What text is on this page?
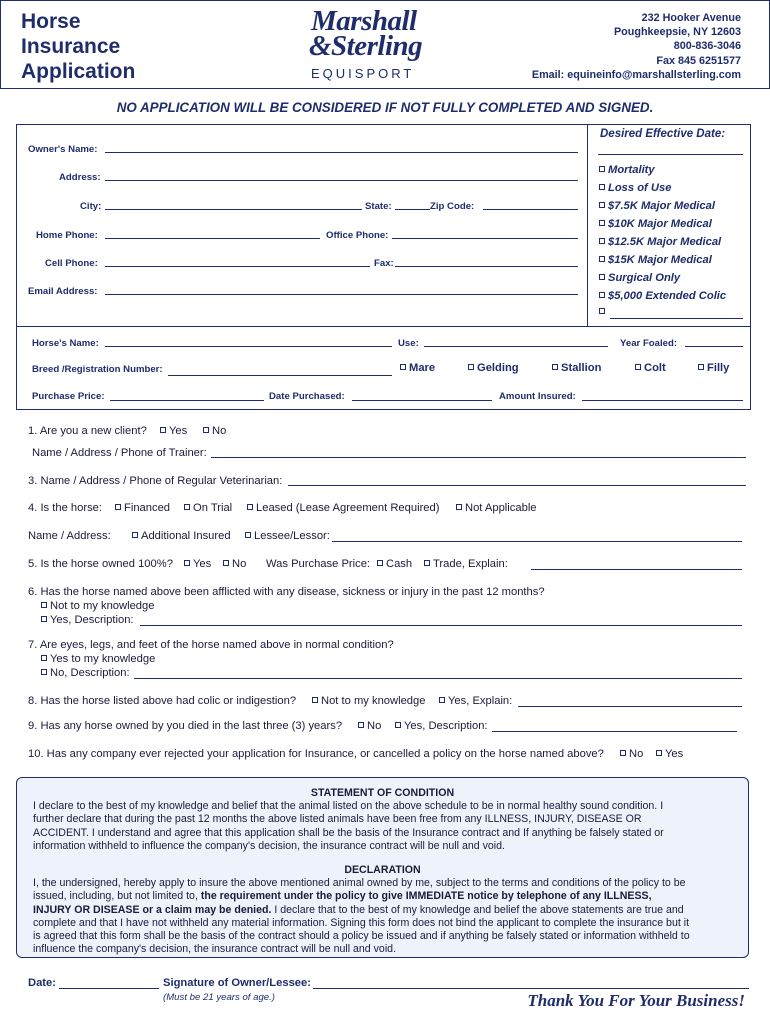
Horse
Insurance
Application
Marshall
&Sterling
EQUISPORT
232 Hooker Avenue
Poughkeepsie, NY 12603
800-836-3046
Fax 845 6251577
Email: equineinfo@marshallsterling.com
NO APPLICATION WILL BE CONSIDERED IF NOT FULLY COMPLETED AND SIGNED.
Owner's Name:
Address:
City:	State:	Zip Code:
Home Phone:	Office Phone:
Cell Phone:	Fax:
Email Address:
Desired Effective Date:
Mortality
Loss of Use
$7.5K Major Medical
$10K Major Medical
$12.5K Major Medical
$15K Major Medical
Surgical Only
$5,000 Extended Colic
Horse's Name:	Use:	Year Foaled:
Breed /Registration Number:	Mare	Gelding	Stallion	Colt	Filly
Purchase Price:	Date Purchased:	Amount Insured:
1. Are you a new client?	Yes	No
Name / Address / Phone of Trainer:
3. Name / Address / Phone of Regular Veterinarian:
4. Is the horse:	Financed	On Trial	Leased (Lease Agreement Required)	Not Applicable
Name / Address:	Additional Insured	Lessee/Lessor:
5. Is the horse owned 100%?	Yes	No Was Purchase Price:	Cash	Trade, Explain:
6. Has the horse named above been afflicted with any disease, sickness or injury in the past 12 months?
Not to my knowledge
Yes, Description:
7. Are eyes, legs, and feet of the horse named above in normal condition?
Yes to my knowledge
No, Description:
8. Has the horse listed above had colic or indigestion?	Not to my knowledge	Yes, Explain:
9. Has any horse owned by you died in the last three (3) years?	No	Yes, Description:
10. Has any company ever rejected your application for Insurance, or cancelled a policy on the horse named above?	No	Yes
STATEMENT OF CONDITION
I declare to the best of my knowledge and belief that the animal listed on the above schedule to be in normal healthy sound condition. I
further declare that during the past 12 months the above listed animals have been free from any ILLNESS, INJURY, DISEASE OR
ACCIDENT. I understand and agree that this application shall be the basis of the Insurance contract and If anything be falsely stated or
information withheld to influence the company's decision, the insurance contract will be null and void.
DECLARATION
I, the undersigned, hereby apply to insure the above mentioned animal owned by me, subject to the terms and conditions of the policy to be
issued, including, but not limited to, the requirement under the policy to give IMMEDIATE notice by telephone of any ILLNESS,
INJURY OR DISEASE or a claim may be denied. I declare that to the best of my knowledge and belief the above statements are true and
complete and that I have not withheld any material information. Signing this form does not bind the applicant to complete the insurance but it
is agreed that this form shall be the basis of the contract should a policy be issued and if anything be falsely stated or information withheld to
influence the company's decision, the insurance contract will be null and void.
Date:	Signature of Owner/Lessee:
(Must be 21 years of age.)	Thank You For Your Business!
